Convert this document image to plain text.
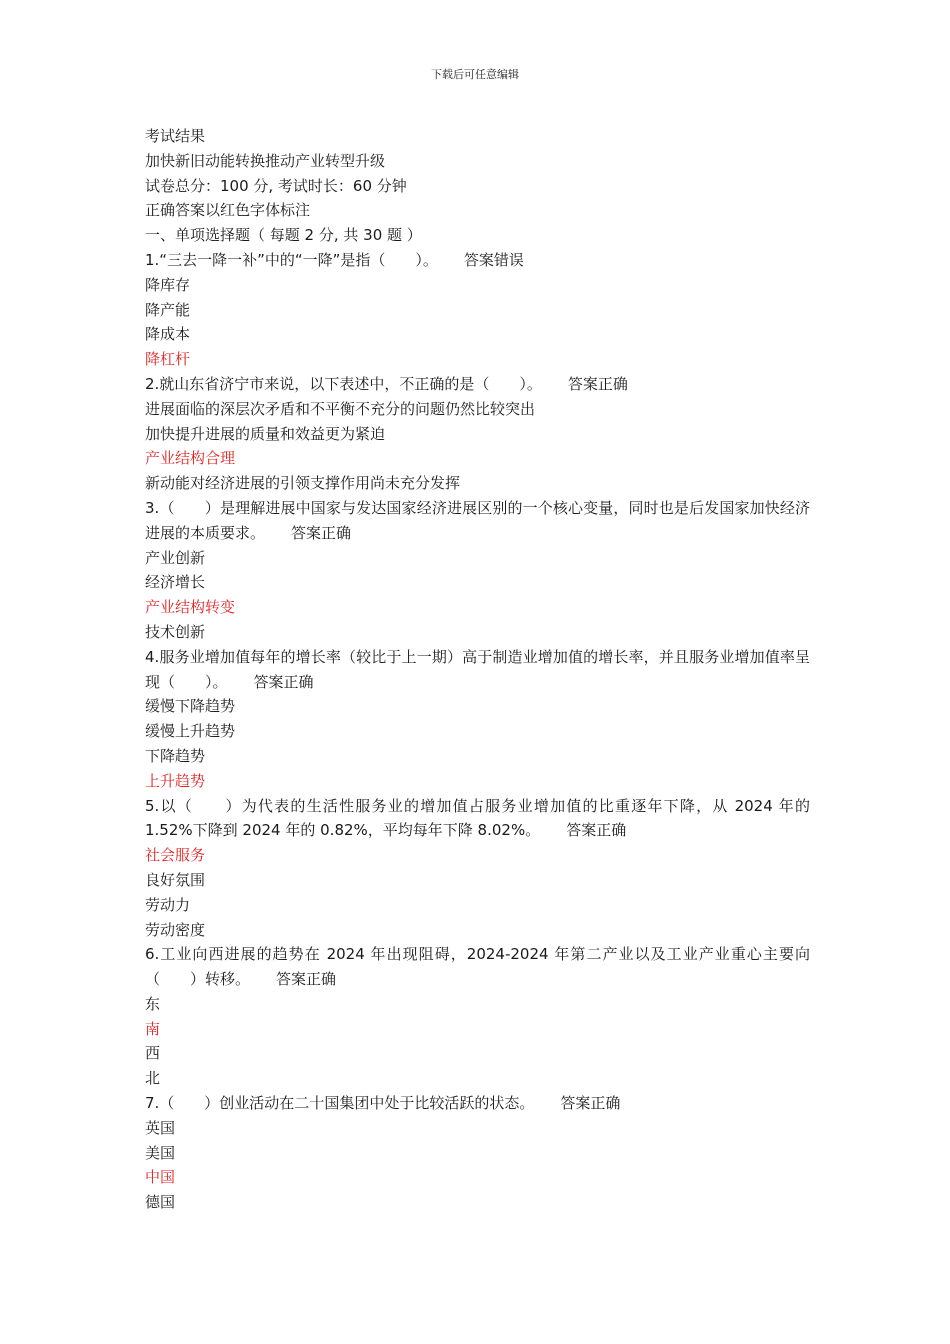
下载后可任意编辑
考试结果
加快新旧动能转换推动产业转型升级
试卷总分：100 分, 考试时长：60 分钟
正确答案以红色字体标注
一、单项选择题（ 每题 2 分, 共 30 题 ）
1.“三去一降一补”中的“一降”是指（　　）。 答案错误
降库存
降产能
降成本
降杠杆
2.就山东省济宁市来说，以下表述中，不正确的是（　　）。 答案正确
进展面临的深层次矛盾和不平衡不充分的问题仍然比较突出
加快提升进展的质量和效益更为紧迫
产业结构合理
新动能对经济进展的引领支撑作用尚未充分发挥
3.（　　）是理解进展中国家与发达国家经济进展区别的一个核心变量，同时也是后发国家加快经济进展的本质要求。 答案正确
产业创新
经济增长
产业结构转变
技术创新
4.服务业增加值每年的增长率（较比于上一期）高于制造业增加值的增长率，并且服务业增加值率呈现（　　）。 答案正确
缓慢下降趋势
缓慢上升趋势
下降趋势
上升趋势
5.以（　　）为代表的生活性服务业的增加值占服务业增加值的比重逐年下降，从 2024 年的 1.52%下降到 2024 年的 0.82%，平均每年下降 8.02%。 答案正确
社会服务
良好氛围
劳动力
劳动密度
6.工业向西进展的趋势在 2024 年出现阻碍，2024-2024 年第二产业以及工业产业重心主要向（　　）转移。 答案正确
东
南
西
北
7.（　　）创业活动在二十国集团中处于比较活跃的状态。 答案正确
英国
美国
中国
德国
